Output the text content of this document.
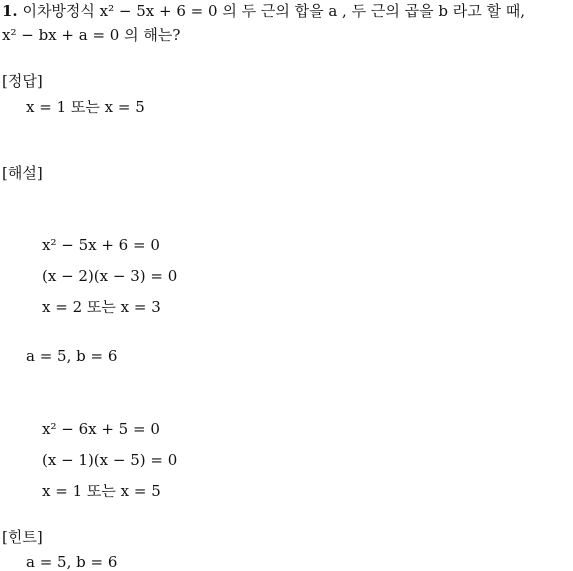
1. 이차방정식 x² − 5x + 6 = 0 의 두 근의 합을 a , 두 근의 곱을 b 라고 할 때,
x² − bx + a = 0 의 해는?
[정답]
x = 1 또는 x = 5
[해설]
x² − 5x + 6 = 0
(x − 2)(x − 3) = 0
x = 2 또는 x = 3
a = 5, b = 6
x² − 6x + 5 = 0
(x − 1)(x − 5) = 0
x = 1 또는 x = 5
[힌트]
a = 5, b = 6
